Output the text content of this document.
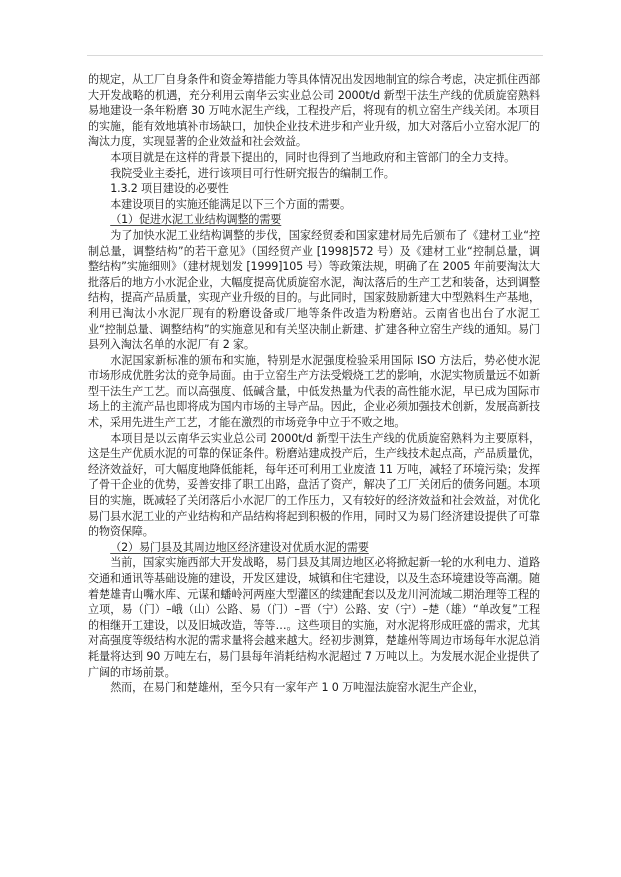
的规定，从工厂自身条件和资金筹措能力等具体情况出发因地制宜的综合考虑，决定抓住西部大开发战略的机遇，充分利用云南华云实业总公司 2000t/d 新型干法生产线的优质旋窑熟料易地建设一条年粉磨 30 万吨水泥生产线，工程投产后，将现有的机立窑生产线关闭。本项目的实施，能有效地填补市场缺口，加快企业技术进步和产业升级，加大对落后小立窑水泥厂的淘汰力度，实现显著的企业效益和社会效益。

本项目就是在这样的背景下提出的，同时也得到了当地政府和主管部门的全力支持。

我院受业主委托，进行该项目可行性研究报告的编制工作。

1.3.2 项目建设的必要性

本建设项目的实施还能满足以下三个方面的需要。

（1）促进水泥工业结构调整的需要

为了加快水泥工业结构调整的步伐，国家经贸委和国家建材局先后颁布了《建材工业“控制总量，调整结构”的若干意见》（国经贸产业 [1998]572 号）及《建材工业“控制总量，调整结构”实施细则》（建材规划发 [1999]105 号）等政策法规，明确了在 2005 年前要淘汰大批落后的地方小水泥企业，大幅度提高优质旋窑水泥，淘汰落后的生产工艺和装备，达到调整结构，提高产品质量，实现产业升级的目的。与此同时，国家鼓励新建大中型熟料生产基地，利用已淘汰小水泥厂现有的粉磨设备或厂地等条件改造为粉磨站。云南省也出台了水泥工业“控制总量、调整结构”的实施意见和有关坚决制止新建、扩建各种立窑生产线的通知。易门县列入淘汰名单的水泥厂有 2 家。

水泥国家新标准的颁布和实施，特别是水泥强度检验采用国际 ISO 方法后，势必使水泥市场形成优胜劣汰的竞争局面。由于立窑生产方法受煅烧工艺的影响，水泥实物质量远不如新型干法生产工艺。而以高强度、低碱含量，中低发热量为代表的高性能水泥，早已成为国际市场上的主流产品也即将成为国内市场的主导产品。因此，企业必须加强技术创新，发展高新技术，采用先进生产工艺，才能在激烈的市场竞争中立于不败之地。

本项目是以云南华云实业总公司 2000t/d 新型干法生产线的优质旋窑熟料为主要原料，这是生产优质水泥的可靠的保证条件。粉磨站建成投产后，生产线技术起点高，产品质量优，经济效益好，可大幅度地降低能耗，每年还可利用工业废渣 11 万吨，减轻了环境污染；发挥了骨干企业的优势，妥善安排了职工出路，盘活了资产，解决了工厂关闭后的债务问题。本项目的实施，既减轻了关闭落后小水泥厂的工作压力，又有较好的经济效益和社会效益，对优化易门县水泥工业的产业结构和产品结构将起到积极的作用，同时又为易门经济建设提供了可靠的物资保障。

（2）易门县及其周边地区经济建设对优质水泥的需要

当前，国家实施西部大开发战略，易门县及其周边地区必将掀起新一轮的水利电力、道路交通和通讯等基础设施的建设，开发区建设，城镇和住宅建设，以及生态环境建设等高潮。随着楚雄青山嘴水库、元谋和蟠岭河两座大型灌区的续建配套以及龙川河流域二期治理等工程的立项，易（门）–峨（山）公路、易（门）–晋（宁）公路、安（宁）–楚（雄）“单改复”工程的相继开工建设，以及旧城改造，等等…。这些项目的实施，对水泥将形成旺盛的需求，尤其对高强度等级结构水泥的需求量将会越来越大。经初步测算，楚雄州等周边市场每年水泥总消耗量将达到 90 万吨左右，易门县每年消耗结构水泥超过 7 万吨以上。为发展水泥企业提供了广阔的市场前景。

然而，在易门和楚雄州，至今只有一家年产 1 0 万吨湿法旋窑水泥生产企业，
